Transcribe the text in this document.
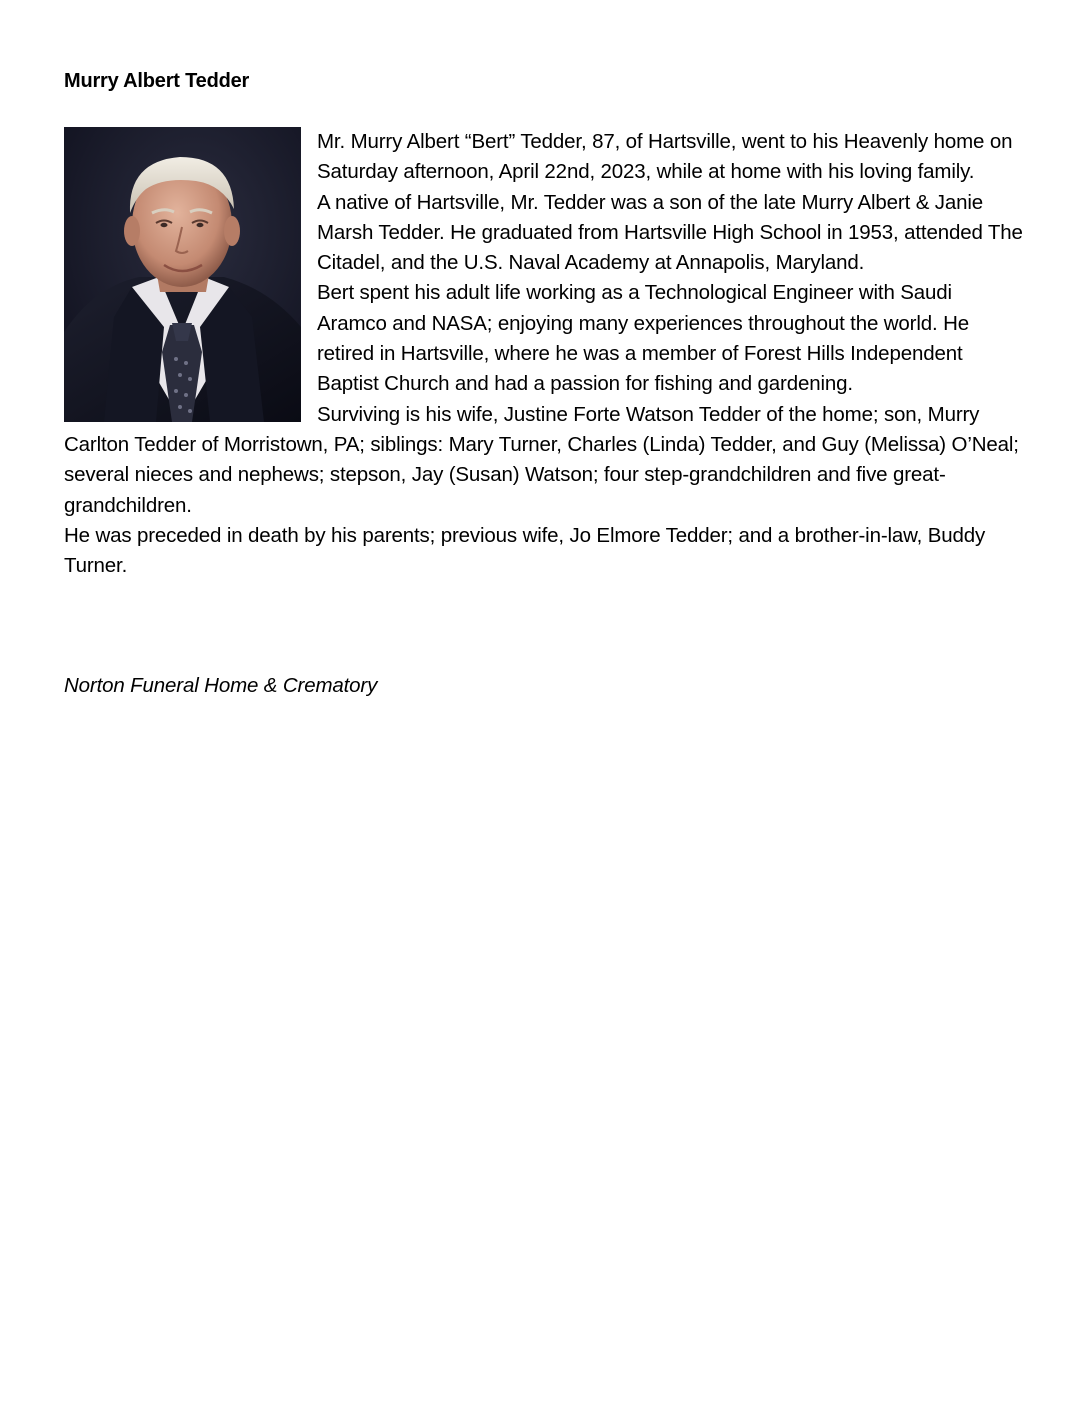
Murry Albert Tedder

Mr. Murry Albert “Bert” Tedder, 87, of Hartsville, went to his Heavenly home on Saturday afternoon, April 22nd, 2023, while at home with his loving family.

A native of Hartsville, Mr. Tedder was a son of the late Murry Albert & Janie Marsh Tedder. He graduated from Hartsville High School in 1953, attended The Citadel, and the U.S. Naval Academy at Annapolis, Maryland.

Bert spent his adult life working as a Technological Engineer with Saudi Aramco and NASA; enjoying many experiences throughout the world. He retired in Hartsville, where he was a member of Forest Hills Independent Baptist Church and had a passion for fishing and gardening.

Surviving is his wife, Justine Forte Watson Tedder of the home; son, Murry Carlton Tedder of Morristown, PA; siblings: Mary Turner, Charles (Linda) Tedder, and Guy (Melissa) O’Neal; several nieces and nephews; stepson, Jay (Susan) Watson; four step-grandchildren and five great-grandchildren.

He was preceded in death by his parents; previous wife, Jo Elmore Tedder; and a brother-in-law, Buddy Turner.

Norton Funeral Home & Crematory
